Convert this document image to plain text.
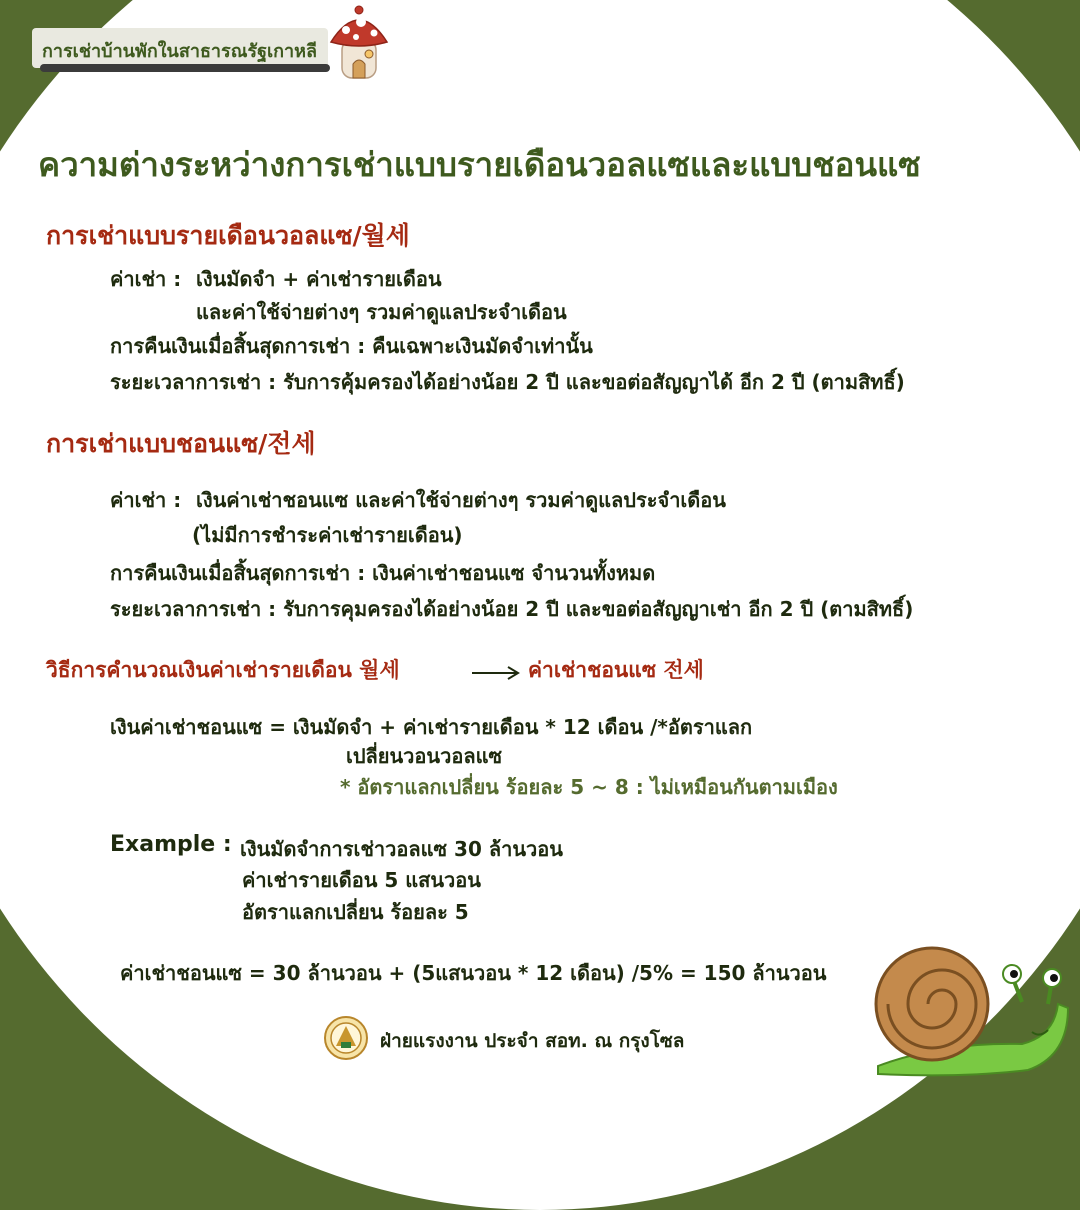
การเช่าบ้านพักในสาธารณรัฐเกาหลี
ความต่างระหว่างการเช่าแบบรายเดือนวอลแซและแบบชอนแซ
การเช่าแบบรายเดือนวอลแซ/월세
ค่าเช่า : เงินมัดจำ + ค่าเช่ารายเดือน
และค่าใช้จ่ายต่างๆ รวมค่าดูแลประจำเดือน
การคืนเงินเมื่อสิ้นสุดการเช่า : คืนเฉพาะเงินมัดจำเท่านั้น
ระยะเวลาการเช่า : รับการคุ้มครองได้อย่างน้อย 2 ปี และขอต่อสัญญาได้ อีก 2 ปี (ตามสิทธิ์)
การเช่าแบบชอนแซ/전세
ค่าเช่า : เงินค่าเช่าชอนแซ และค่าใช้จ่ายต่างๆ รวมค่าดูแลประจำเดือน
(ไม่มีการชำระค่าเช่ารายเดือน)
การคืนเงินเมื่อสิ้นสุดการเช่า : เงินค่าเช่าชอนแซ จำนวนทั้งหมด
ระยะเวลาการเช่า : รับการคุมครองได้อย่างน้อย 2 ปี และขอต่อสัญญาเช่า อีก 2 ปี (ตามสิทธิ์)
วิธีการคำนวณเงินค่าเช่ารายเดือน 월세	ค่าเช่าชอนแซ 전세
เงินค่าเช่าชอนแซ = เงินมัดจำ + ค่าเช่ารายเดือน * 12 เดือน /*อัตราแลก
เปลี่ยนวอนวอลแซ
* อัตราแลกเปลี่ยน ร้อยละ 5 ~ 8 : ไม่เหมือนกันตามเมือง
Example : เงินมัดจำการเช่าวอลแซ 30 ล้านวอน
ค่าเช่ารายเดือน 5 แสนวอน
อัตราแลกเปลี่ยน ร้อยละ 5
ค่าเช่าชอนแซ = 30 ล้านวอน + (5แสนวอน * 12 เดือน) /5% = 150 ล้านวอน
ฝ่ายแรงงาน ประจำ สอท. ณ กรุงโซล
